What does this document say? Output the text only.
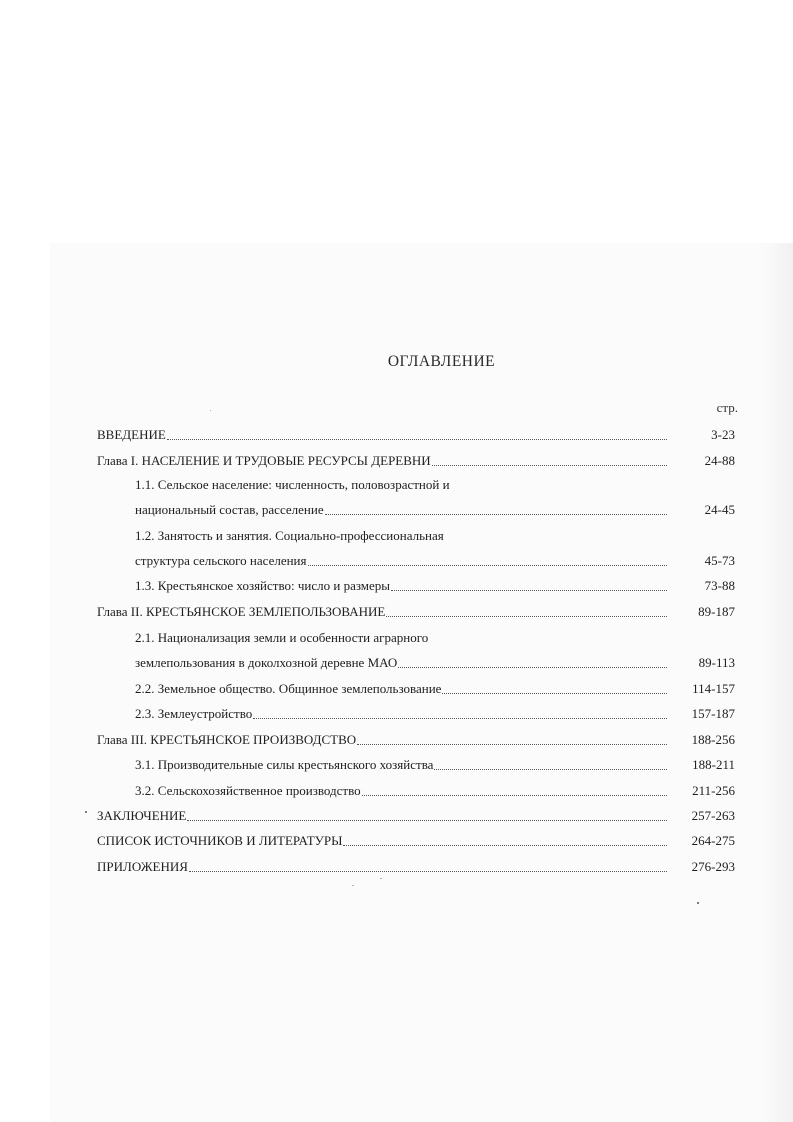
ОГЛАВЛЕНИЕ
стр.
ВВЕДЕНИЕ	3-23
Глава I. НАСЕЛЕНИЕ И ТРУДОВЫЕ РЕСУРСЫ ДЕРЕВНИ	24-88
1.1. Сельское население: численность, половозрастной и
национальный состав, расселение	24-45
1.2. Занятость и занятия. Социально-профессиональная
структура сельского населения	45-73
1.3. Крестьянское хозяйство: число и размеры	73-88
Глава II. КРЕСТЬЯНСКОЕ ЗЕМЛЕПОЛЬЗОВАНИЕ	89-187
2.1. Национализация земли и особенности аграрного
землепользования в доколхозной деревне МАО	89-113
2.2. Земельное общество. Общинное землепользование	114-157
2.3. Землеустройство	157-187
Глава III. КРЕСТЬЯНСКОЕ ПРОИЗВОДСТВО	188-256
3.1. Производительные силы крестьянского хозяйства	188-211
3.2. Сельскохозяйственное производство	211-256
ЗАКЛЮЧЕНИЕ	257-263
СПИСОК ИСТОЧНИКОВ И ЛИТЕРАТУРЫ	264-275
ПРИЛОЖЕНИЯ	276-293
